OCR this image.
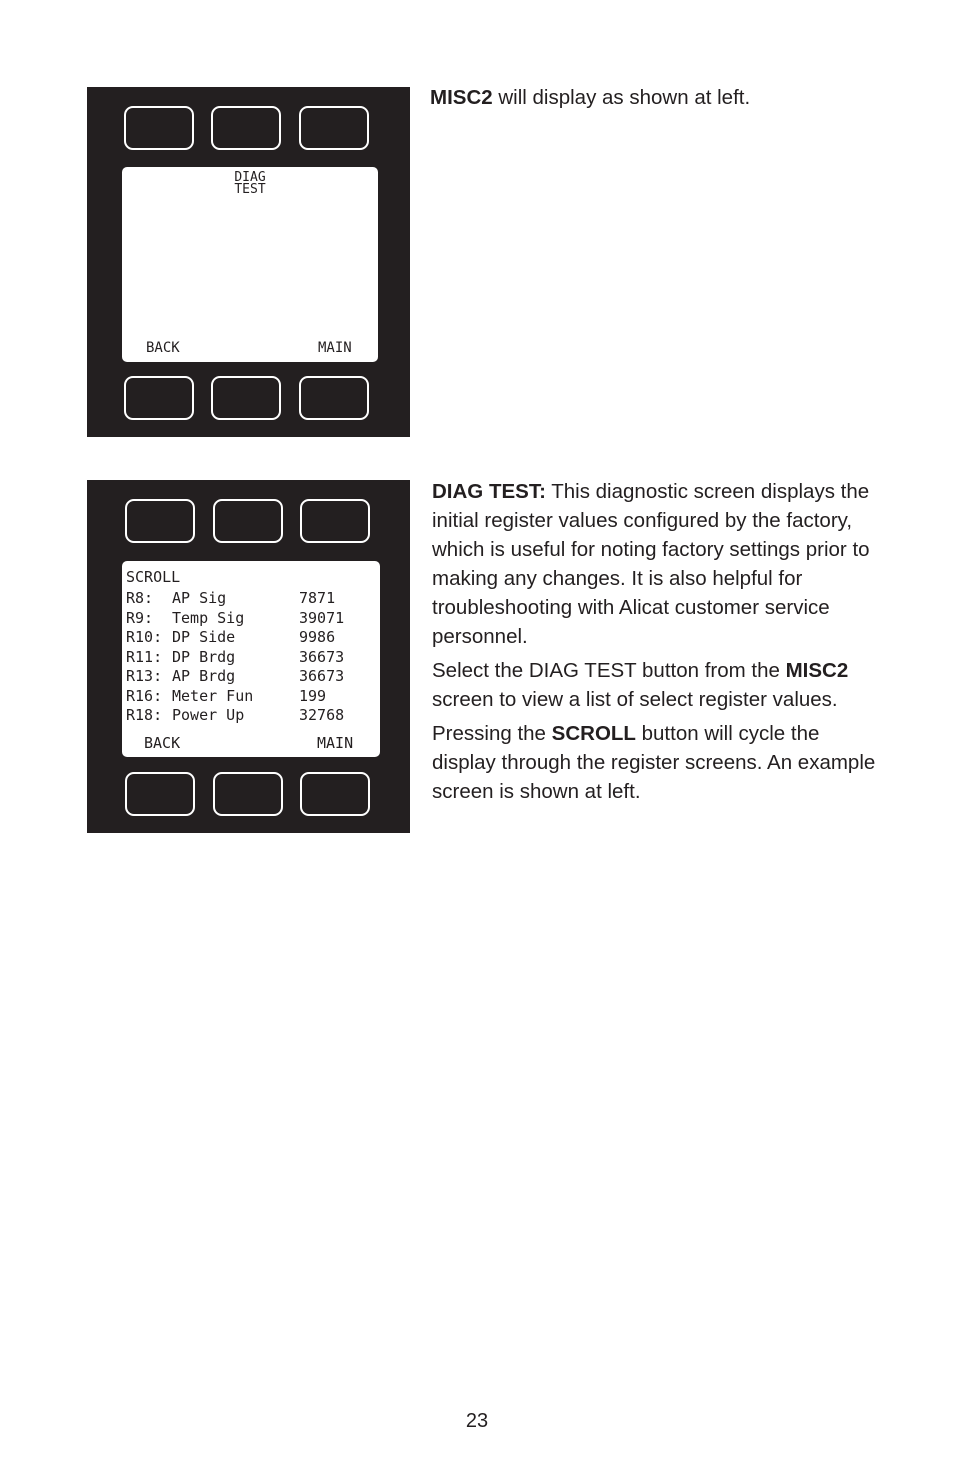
DIAG
TEST
BACK	MAIN

MISC2 will display as shown at left.

SCROLL
R8: AP Sig	7871
R9: Temp Sig	39071
R10: DP Side	9986
R11: DP Brdg	36673
R13: AP Brdg	36673
R16: Meter Fun	199
R18: Power Up	32768
BACK	MAIN

DIAG TEST: This diagnostic screen displays the initial register values configured by the factory, which is useful for noting factory settings prior to making any changes. It is also helpful for troubleshooting with Alicat customer service personnel.

Select the DIAG TEST button from the MISC2 screen to view a list of select register values.

Pressing the SCROLL button will cycle the display through the register screens. An example screen is shown at left.

23
